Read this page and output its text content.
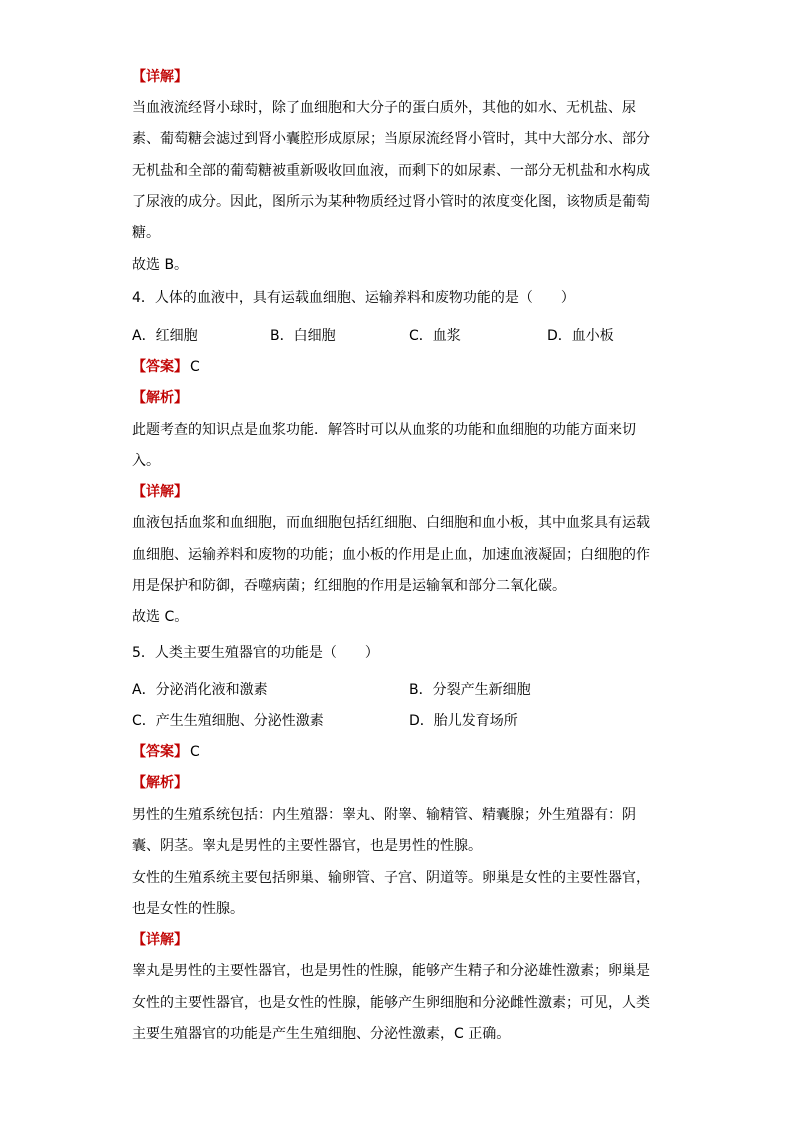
【详解】
当血液流经肾小球时，除了血细胞和大分子的蛋白质外，其他的如水、无机盐、尿
素、葡萄糖会滤过到肾小囊腔形成原尿；当原尿流经肾小管时，其中大部分水、部分
无机盐和全部的葡萄糖被重新吸收回血液，而剩下的如尿素、一部分无机盐和水构成
了尿液的成分。因此，图所示为某种物质经过肾小管时的浓度变化图，该物质是葡萄
糖。
故选 B。
4．人体的血液中，具有运载血细胞、运输养料和废物功能的是（　　）
A．红细胞	B．白细胞	C．血浆	D．血小板
【答案】 C
【解析】
此题考查的知识点是血浆功能．解答时可以从血浆的功能和血细胞的功能方面来切
入。
【详解】
血液包括血浆和血细胞，而血细胞包括红细胞、白细胞和血小板，其中血浆具有运载
血细胞、运输养料和废物的功能；血小板的作用是止血，加速血液凝固；白细胞的作
用是保护和防御，吞噬病菌；红细胞的作用是运输氧和部分二氧化碳。
故选 C。
5．人类主要生殖器官的功能是（　　）
A．分泌消化液和激素	B．分裂产生新细胞
C．产生生殖细胞、分泌性激素	D．胎儿发育场所
【答案】 C
【解析】
男性的生殖系统包括：内生殖器：睾丸、附睾、输精管、精囊腺；外生殖器有：阴
囊、阴茎。睾丸是男性的主要性器官，也是男性的性腺。
女性的生殖系统主要包括卵巢、输卵管、子宫、阴道等。卵巢是女性的主要性器官，
也是女性的性腺。
【详解】
睾丸是男性的主要性器官，也是男性的性腺，能够产生精子和分泌雄性激素；卵巢是
女性的主要性器官，也是女性的性腺，能够产生卵细胞和分泌雌性激素；可见，人类
主要生殖器官的功能是产生生殖细胞、分泌性激素，C 正确。
